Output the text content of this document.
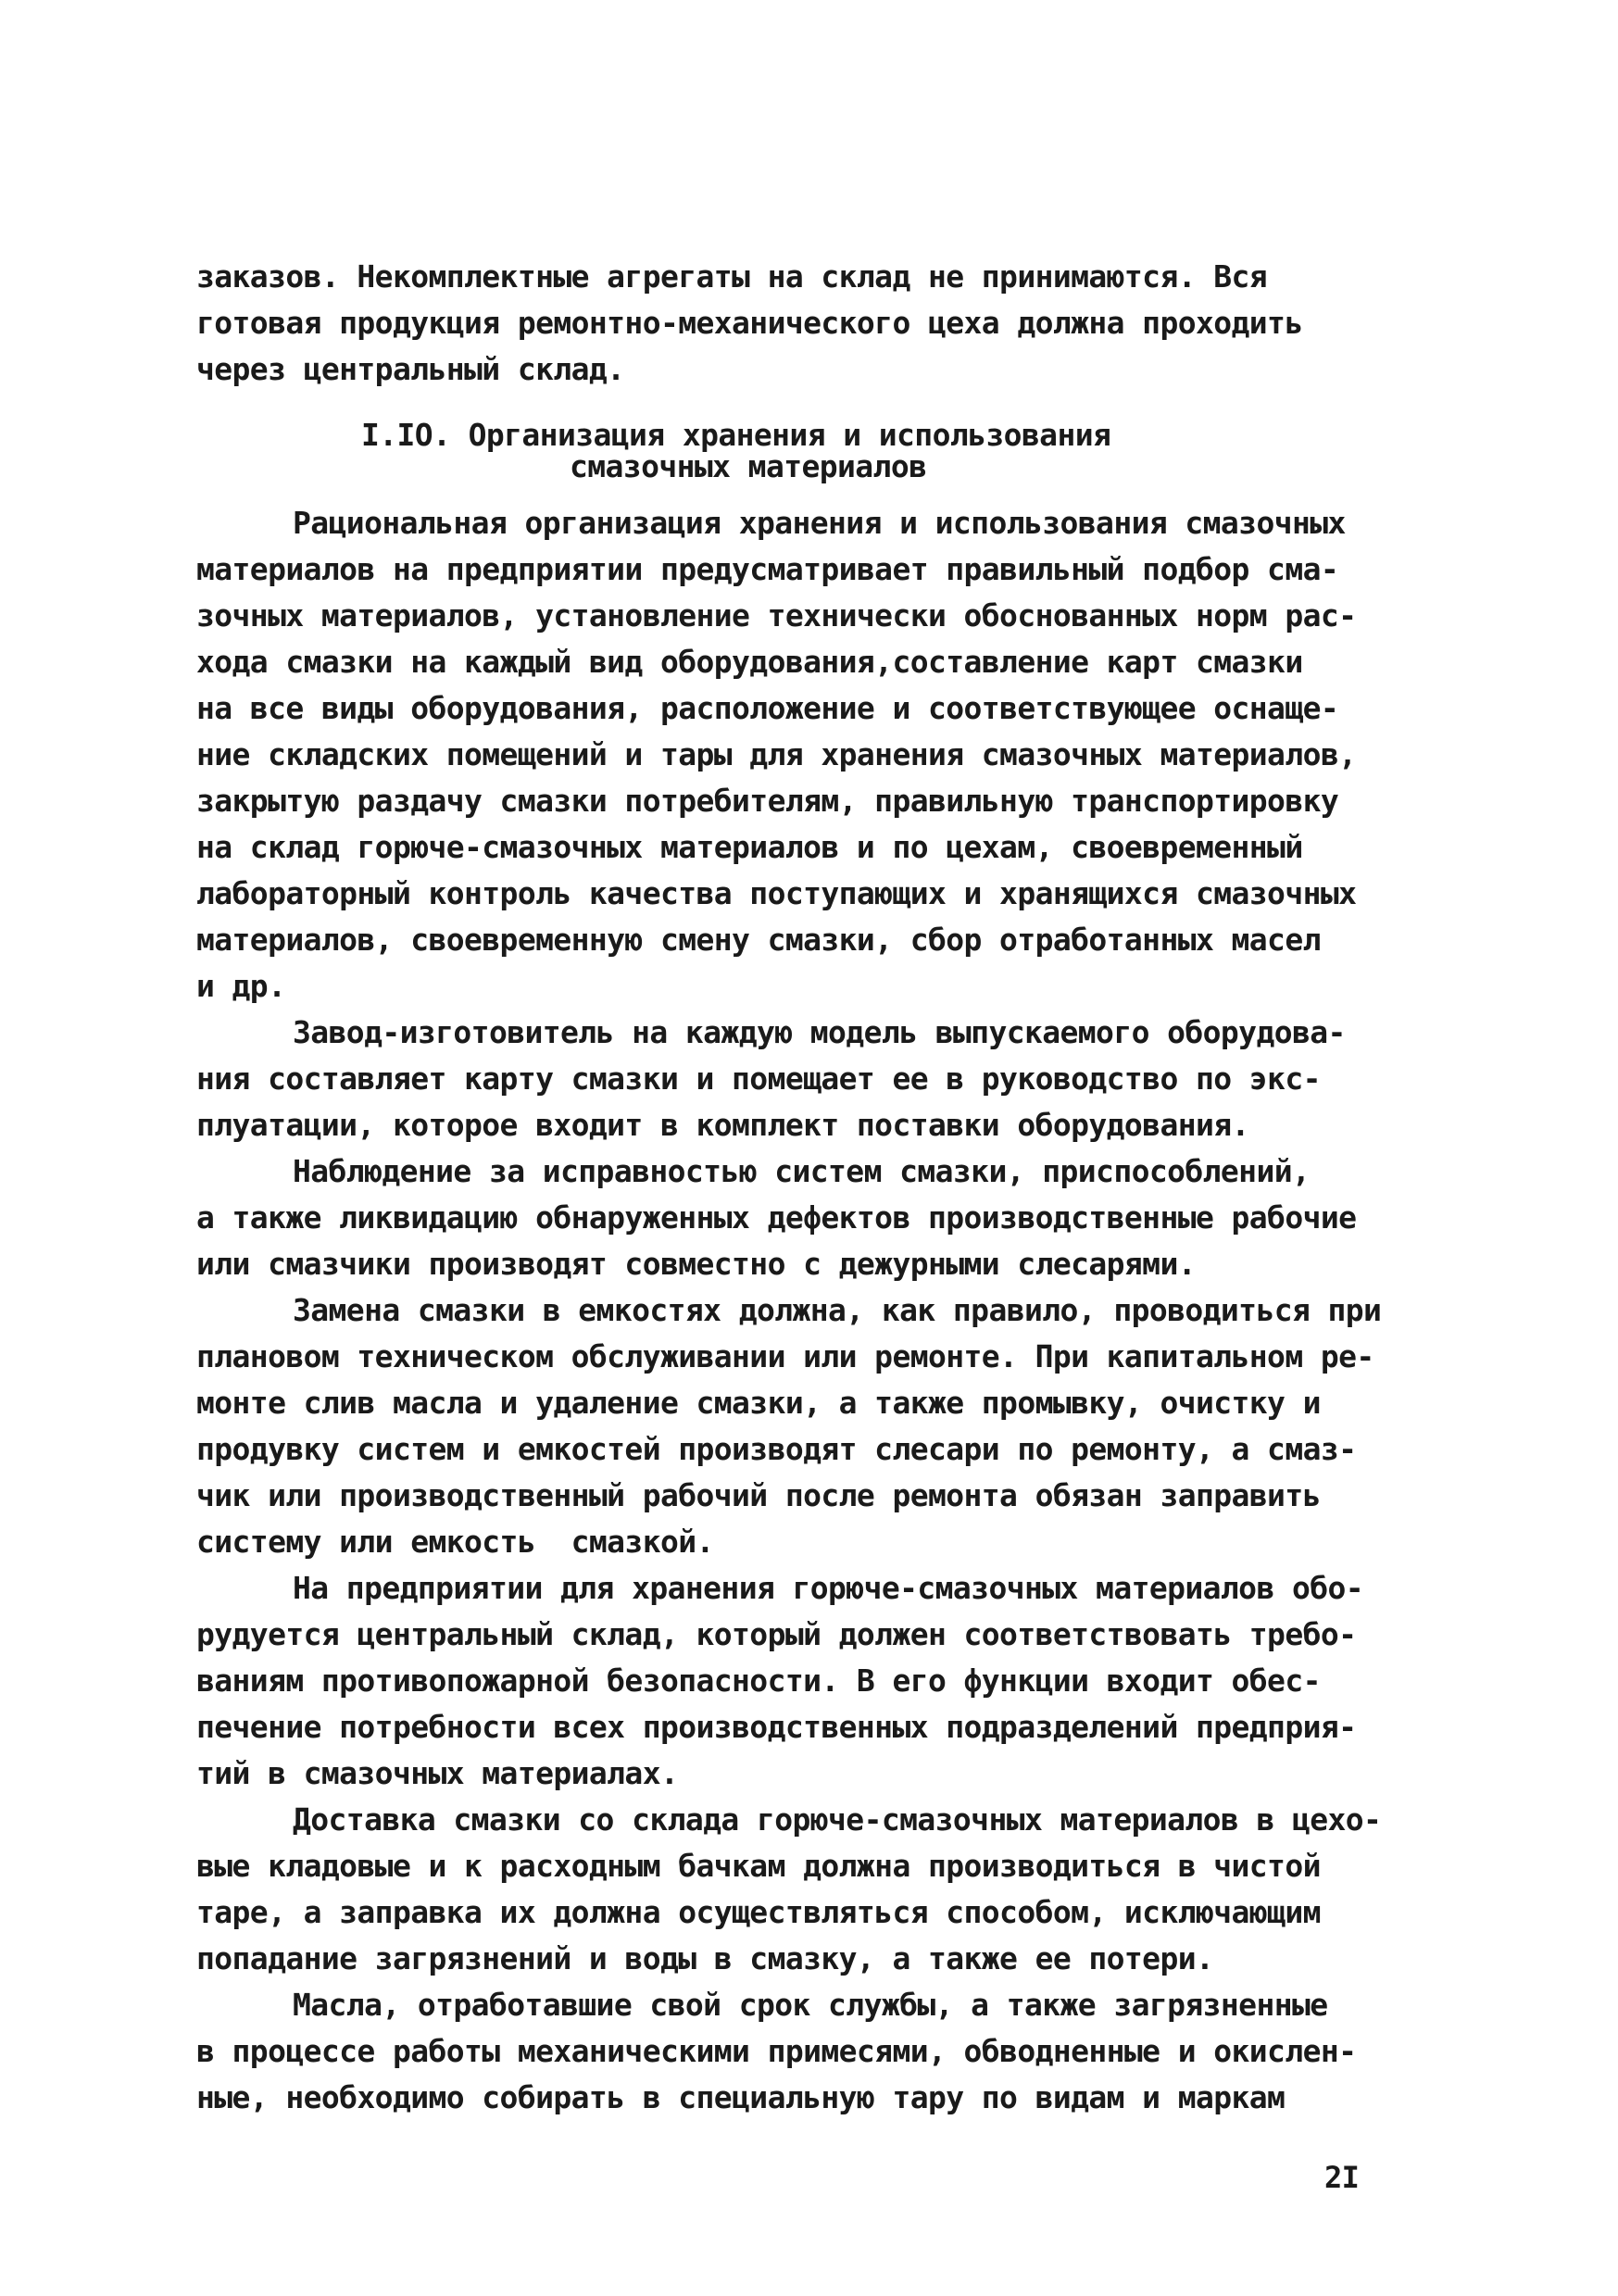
заказов. Некомплектные агрегаты на склад не принимаются. Вся
готовая продукция ремонтно-механического цеха должна проходить
через центральный склад.
I.IO. Организация хранения и использования
смазочных материалов
Рациональная организация хранения и использования смазочных
материалов на предприятии предусматривает правильный подбор сма-
зочных материалов, установление технически обоснованных норм рас-
хода смазки на каждый вид оборудования,составление карт смазки
на все виды оборудования, расположение и соответствующее оснаще-
ние складских помещений и тары для хранения смазочных материалов,
закрытую раздачу смазки потребителям, правильную транспортировку
на склад горюче-смазочных материалов и по цехам, своевременный
лабораторный контроль качества поступающих и хранящихся смазочных
материалов, своевременную смену смазки, сбор отработанных масел
и др.
Завод-изготовитель на каждую модель выпускаемого оборудова-
ния составляет карту смазки и помещает ее в руководство по экс-
плуатации, которое входит в комплект поставки оборудования.
Наблюдение за исправностью систем смазки, приспособлений,
а также ликвидацию обнаруженных дефектов производственные рабочие
или смазчики производят совместно с дежурными слесарями.
Замена смазки в емкостях должна, как правило, проводиться при
плановом техническом обслуживании или ремонте. При капитальном ре-
монте слив масла и удаление смазки, а также промывку, очистку и
продувку систем и емкостей производят слесари по ремонту, а смаз-
чик или производственный рабочий после ремонта обязан заправить
систему или емкость  смазкой.
На предприятии для хранения горюче-смазочных материалов обо-
рудуется центральный склад, который должен соответствовать требо-
ваниям противопожарной безопасности. В его функции входит обес-
печение потребности всех производственных подразделений предприя-
тий в смазочных материалах.
Доставка смазки со склада горюче-смазочных материалов в цехо-
вые кладовые и к расходным бачкам должна производиться в чистой
таре, а заправка их должна осуществляться способом, исключающим
попадание загрязнений и воды в смазку, а также ее потери.
Масла, отработавшие свой срок службы, а также загрязненные
в процессе работы механическими примесями, обводненные и окислен-
ные, необходимо собирать в специальную тару по видам и маркам
2I
